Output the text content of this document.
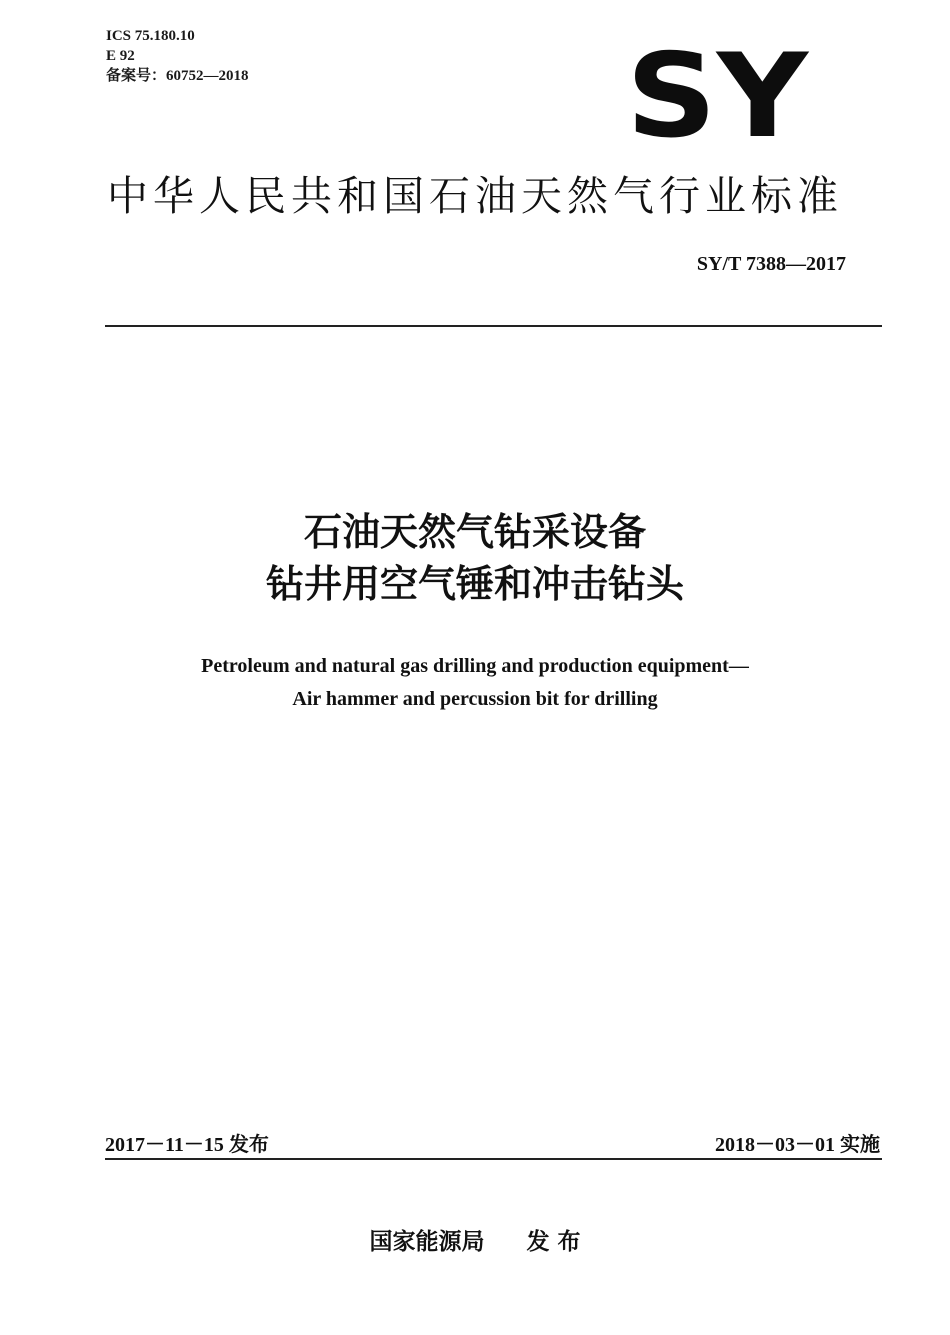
ICS 75.180.10
E 92
备案号：60752—2018	SY
中华人民共和国石油天然气行业标准
SY/T 7388—2017
石油天然气钻采设备
钻井用空气锤和冲击钻头
Petroleum and natural gas drilling and production equipment—
Air hammer and percussion bit for drilling
2017－11－15 发布	2018－03－01 实施
国家能源局 发 布
